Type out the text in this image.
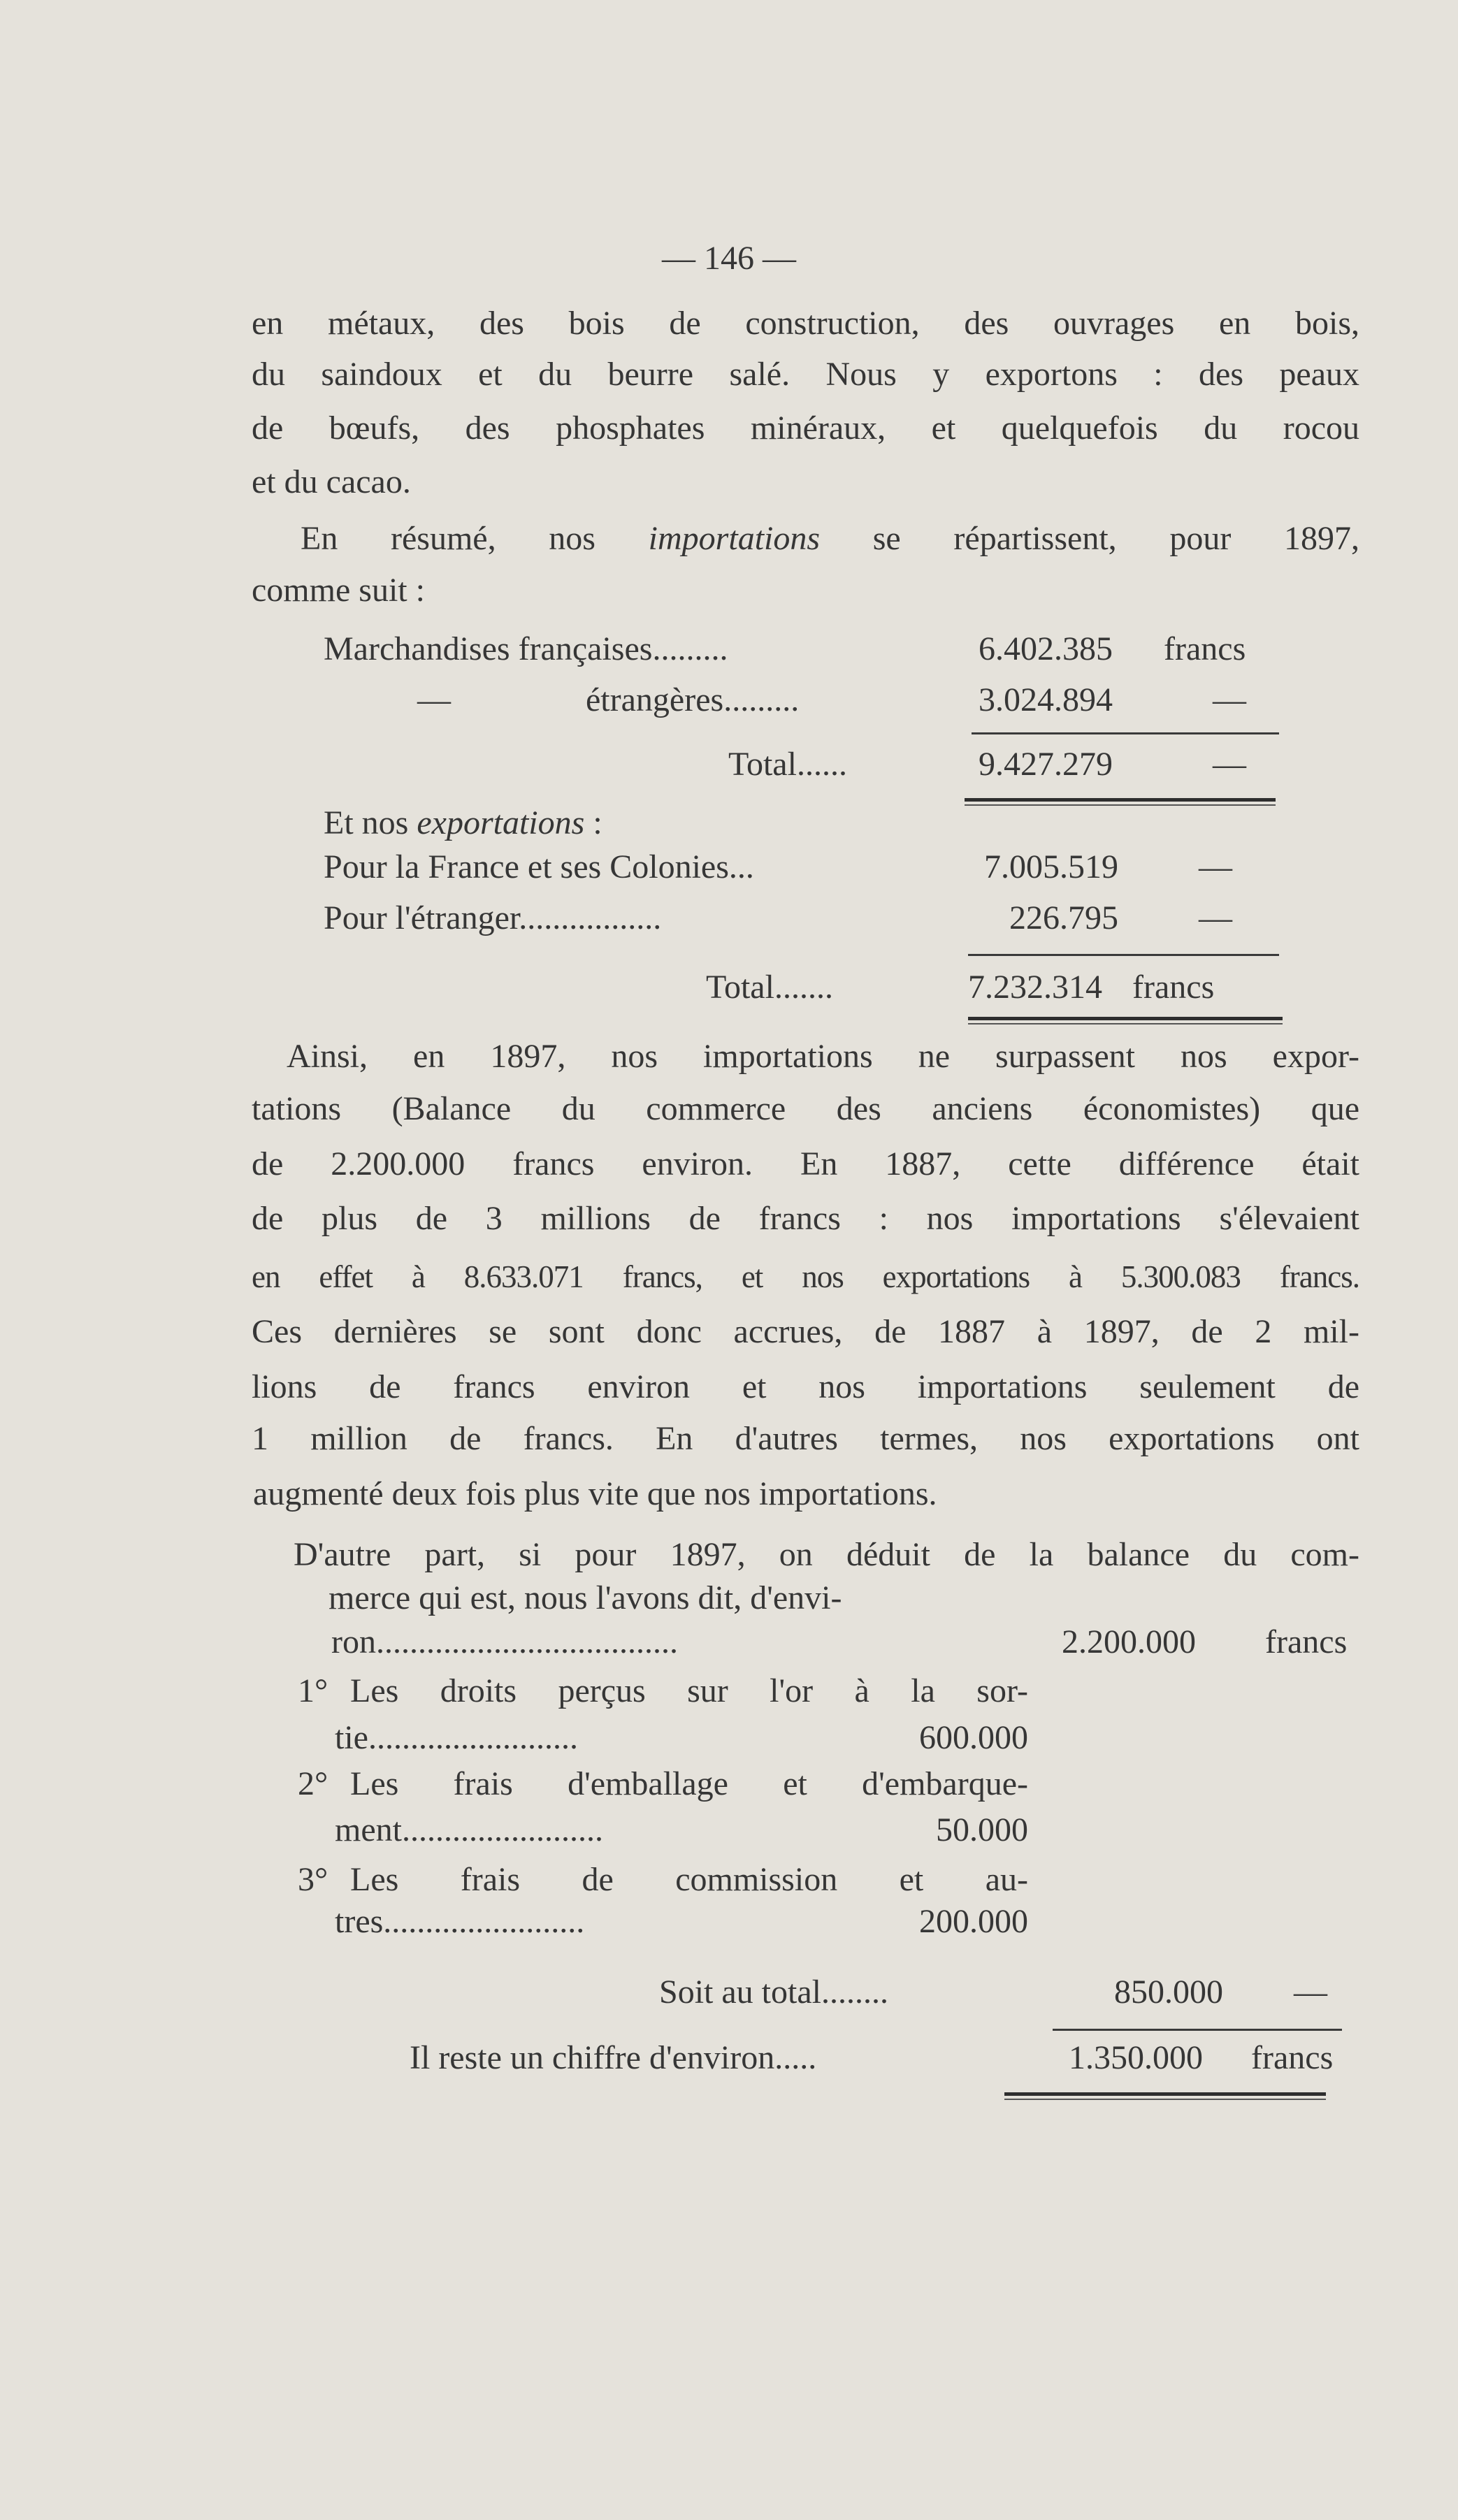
— 146 —
en métaux, des bois de construction, des ouvrages en bois,
du saindoux et du beurre salé. Nous y exportons : des peaux
de bœufs, des phosphates minéraux, et quelquefois du rocou
et du cacao.
En résumé, nos importations se répartissent, pour 1897,
comme suit :
Marchandises françaises.........	6.402.385 francs
—	étrangères.........	3.024.894	—
Total......	9.427.279	—
Et nos exportations :
Pour la France et ses Colonies...	7.005.519 —
Pour l'étranger.................	226.795 —
Total.......	7.232.314 francs
Ainsi, en 1897, nos importations ne surpassent nos expor-
tations (Balance du commerce des anciens économistes) que
de 2.200.000 francs environ. En 1887, cette différence était
de plus de 3 millions de francs : nos importations s'élevaient
en effet à 8.633.071 francs, et nos exportations à 5.300.083 francs.
Ces dernières se sont donc accrues, de 1887 à 1897, de 2 mil-
lions de francs environ et nos importations seulement de
1 million de francs. En d'autres termes, nos exportations ont
augmenté deux fois plus vite que nos importations.
D'autre part, si pour 1897, on déduit de la balance du com-
merce qui est, nous l'avons dit, d'envi-
ron....................................	2.200.000 francs
1° Les droits perçus sur l'or à la sor-
tie.........................	600.000
2° Les frais d'emballage et d'embarque-
ment........................	50.000
3° Les frais de commission et au-
tres........................	200.000
Soit au total........	850.000 —
Il reste un chiffre d'environ.....	1.350.000 francs
